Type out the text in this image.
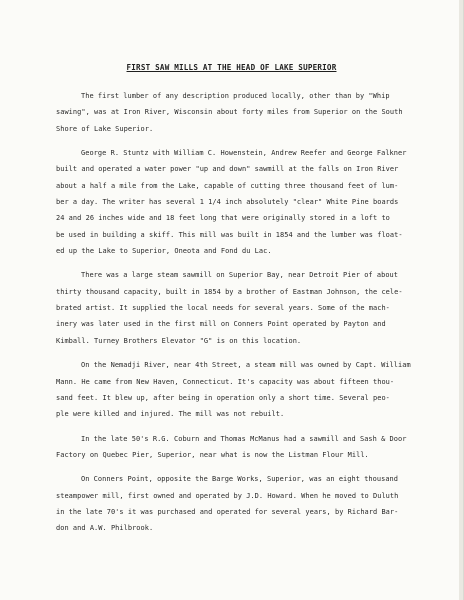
FIRST SAW MILLS AT THE HEAD OF LAKE SUPERIOR
The first lumber of any description produced locally, other than by "Whip
sawing", was at Iron River, Wisconsin about forty miles from Superior on the South
Shore of Lake Superior.
George R. Stuntz with William C. Howenstein, Andrew Reefer and George Falkner
built and operated a water power "up and down" sawmill at the falls on Iron River
about a half a mile from the Lake, capable of cutting three thousand feet of lum-
ber a day. The writer has several 1 1/4 inch absolutely "clear" White Pine boards
24 and 26 inches wide and 18 feet long that were originally stored in a loft to
be used in building a skiff. This mill was built in 1854 and the lumber was float-
ed up the Lake to Superior, Oneota and Fond du Lac.
There was a large steam sawmill on Superior Bay, near Detroit Pier of about
thirty thousand capacity, built in 1854 by a brother of Eastman Johnson, the cele-
brated artist. It supplied the local needs for several years. Some of the mach-
inery was later used in the first mill on Conners Point operated by Payton and
Kimball. Turney Brothers Elevator "G" is on this location.
On the Nemadji River, near 4th Street, a steam mill was owned by Capt. William
Mann. He came from New Haven, Connecticut. It's capacity was about fifteen thou-
sand feet. It blew up, after being in operation only a short time. Several peo-
ple were killed and injured. The mill was not rebuilt.
In the late 50's R.G. Coburn and Thomas McManus had a sawmill and Sash & Door
Factory on Quebec Pier, Superior, near what is now the Listman Flour Mill.
On Conners Point, opposite the Barge Works, Superior, was an eight thousand
steampower mill, first owned and operated by J.D. Howard. When he moved to Duluth
in the late 70's it was purchased and operated for several years, by Richard Bar-
don and A.W. Philbrook.
